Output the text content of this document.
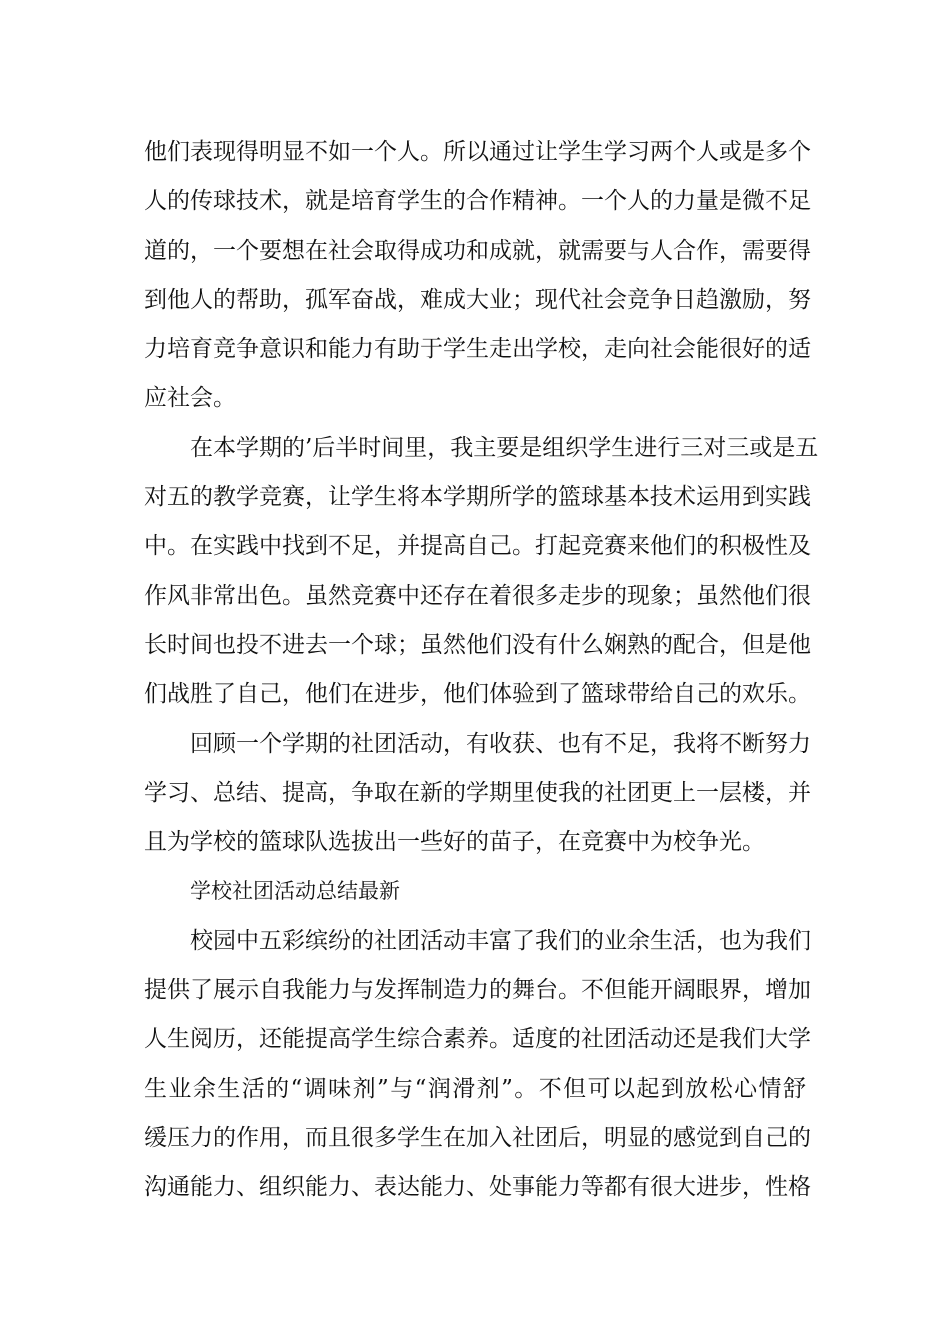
他们表现得明显不如一个人。所以通过让学生学习两个人或是多个
人的传球技术，就是培育学生的合作精神。一个人的力量是微不足
道的，一个要想在社会取得成功和成就，就需要与人合作，需要得
到他人的帮助，孤军奋战，难成大业；现代社会竞争日趋激励，努
力培育竞争意识和能力有助于学生走出学校，走向社会能很好的适
应社会。
在本学期的’后半时间里，我主要是组织学生进行三对三或是五
对五的教学竞赛，让学生将本学期所学的篮球基本技术运用到实践
中。在实践中找到不足，并提高自己。打起竞赛来他们的积极性及
作风非常出色。虽然竞赛中还存在着很多走步的现象；虽然他们很
长时间也投不进去一个球；虽然他们没有什么娴熟的配合，但是他
们战胜了自己，他们在进步，他们体验到了篮球带给自己的欢乐。
回顾一个学期的社团活动，有收获、也有不足，我将不断努力
学习、总结、提高，争取在新的学期里使我的社团更上一层楼，并
且为学校的篮球队选拔出一些好的苗子，在竞赛中为校争光。
学校社团活动总结最新
校园中五彩缤纷的社团活动丰富了我们的业余生活，也为我们
提供了展示自我能力与发挥制造力的舞台。不但能开阔眼界，增加
人生阅历，还能提高学生综合素养。适度的社团活动还是我们大学
生业余生活的“调味剂”与“润滑剂”。不但可以起到放松心情舒
缓压力的作用，而且很多学生在加入社团后，明显的感觉到自己的
沟通能力、组织能力、表达能力、处事能力等都有很大进步，性格
